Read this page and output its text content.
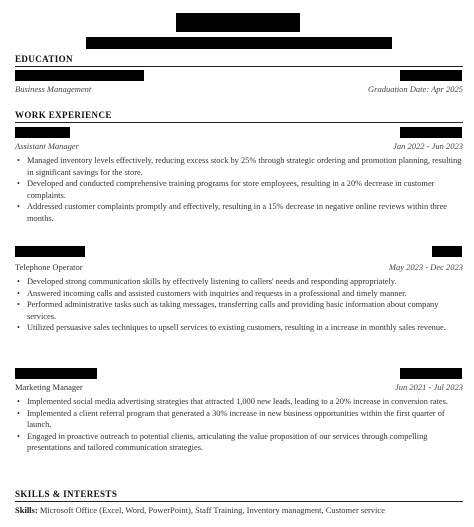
EDUCATION
Business Management	Graduation Date: Apr 2025
WORK EXPERIENCE
Assistant Manager	Jan 2022 - Jun 2023
• Managed inventory levels effectively, reducing excess stock by 25% through strategic ordering and promotion planning, resulting in significant savings for the store.
• Developed and conducted comprehensive training programs for store employees, resulting in a 20% decrease in customer complaints.
• Addressed customer complaints promptly and effectively, resulting in a 15% decrease in negative online reviews within three months.
Telephone Operator	May 2023 - Dec 2023
• Developed strong communication skills by effectively listening to callers' needs and responding appropriately.
• Answered incoming calls and assisted customers with inquiries and requests in a professional and timely manner.
• Performed administrative tasks such as taking messages, transferring calls and providing basic information about company services.
• Utilized persuasive sales techniques to upsell services to existing customers, resulting in a increase in monthly sales revenue.
Marketing Manager	Jun 2021 - Jul 2023
• Implemented social media advertising strategies that attracted 1,000 new leads, leading to a 20% increase in conversion rates.
• Implemented a client referral program that generated a 30% increase in new business opportunities within the first quarter of launch.
• Engaged in proactive outreach to potential clients, articulating the value proposition of our services through compelling presentations and tailored communication strategies.
SKILLS & INTERESTS
Skills: Microsoft Office (Excel, Word, PowerPoint), Staff Training, Inventory managment, Customer service
